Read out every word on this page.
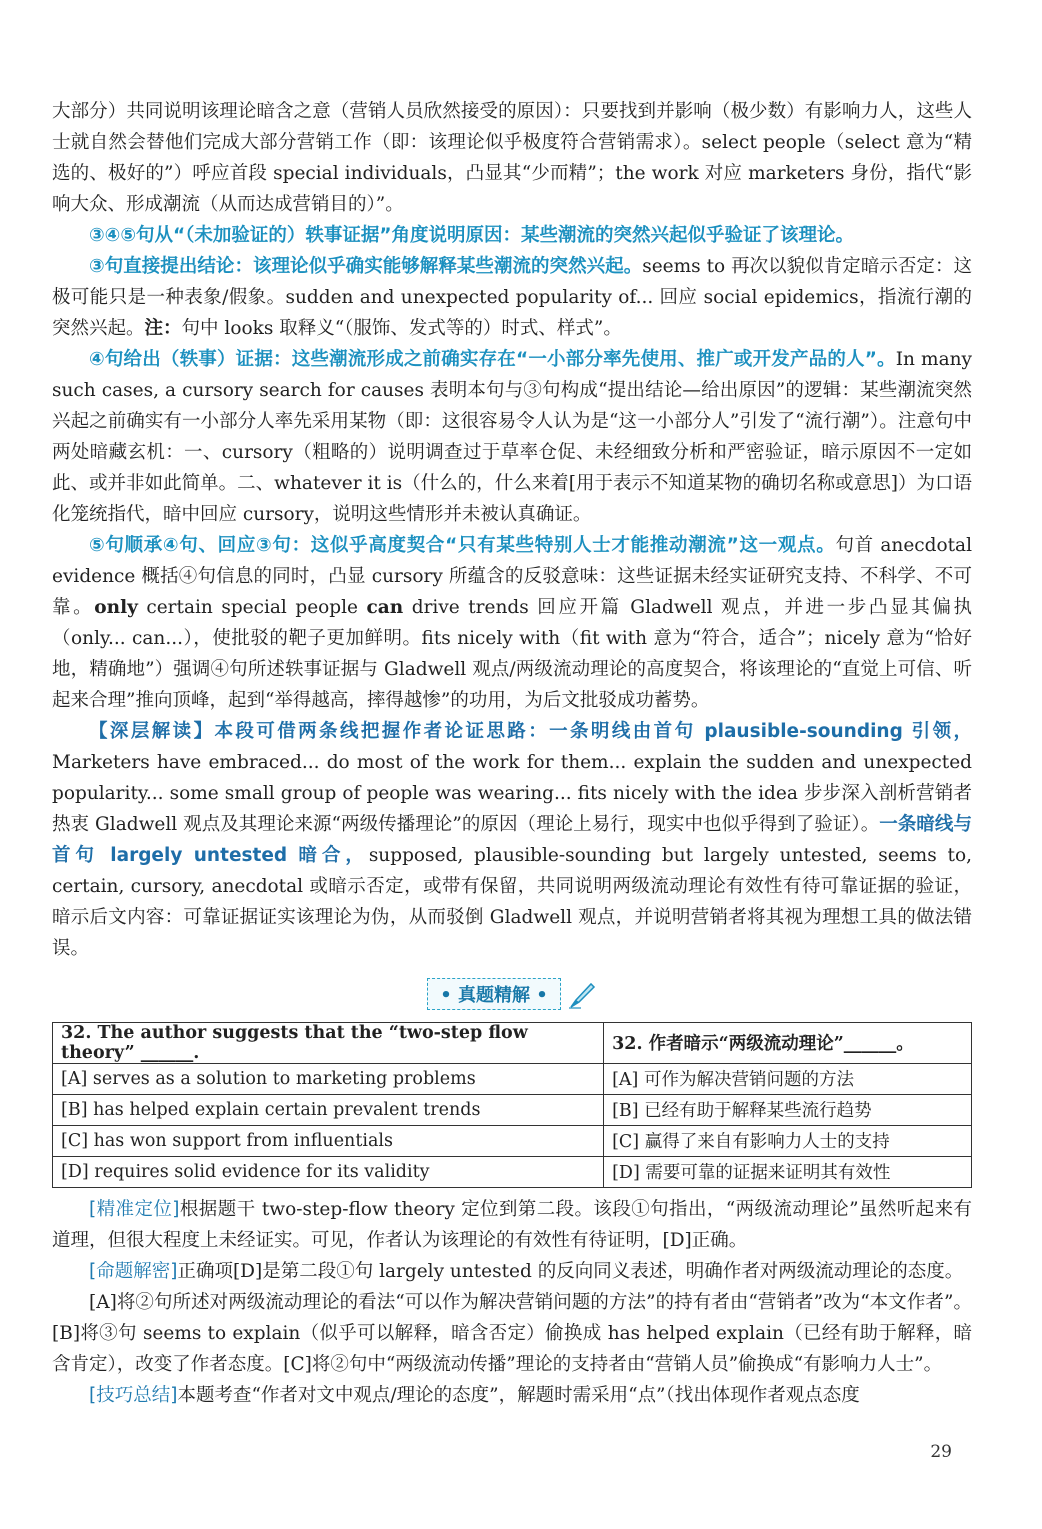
大部分）共同说明该理论暗含之意（营销人员欣然接受的原因）：只要找到并影响（极少数）有影响力人，这些人士就自然会替他们完成大部分营销工作（即：该理论似乎极度符合营销需求）。select people（select 意为“精选的、极好的”）呼应首段 special individuals，凸显其“少而精”；the work 对应 marketers 身份，指代“影响大众、形成潮流（从而达成营销目的）”。

③④⑤句从“（未加验证的）轶事证据”角度说明原因：某些潮流的突然兴起似乎验证了该理论。

③句直接提出结论：该理论似乎确实能够解释某些潮流的突然兴起。seems to 再次以貌似肯定暗示否定：这极可能只是一种表象/假象。sudden and unexpected popularity of... 回应 social epidemics，指流行潮的突然兴起。注：句中 looks 取释义“（服饰、发式等的）时式、样式”。

④句给出（轶事）证据：这些潮流形成之前确实存在“一小部分率先使用、推广或开发产品的人”。In many such cases, a cursory search for causes 表明本句与③句构成“提出结论—给出原因”的逻辑：某些潮流突然兴起之前确实有一小部分人率先采用某物（即：这很容易令人认为是“这一小部分人”引发了“流行潮”）。注意句中两处暗藏玄机：一、cursory（粗略的）说明调查过于草率仓促、未经细致分析和严密验证，暗示原因不一定如此、或并非如此简单。二、whatever it is（什么的，什么来着[用于表示不知道某物的确切名称或意思]）为口语化笼统指代，暗中回应 cursory，说明这些情形并未被认真确证。

⑤句顺承④句、回应③句：这似乎高度契合“只有某些特别人士才能推动潮流”这一观点。句首 anecdotal evidence 概括④句信息的同时，凸显 cursory 所蕴含的反驳意味：这些证据未经实证研究支持、不科学、不可靠。only certain special people can drive trends 回应开篇 Gladwell 观点，并进一步凸显其偏执（only... can...），使批驳的靶子更加鲜明。fits nicely with（fit with 意为“符合，适合”；nicely 意为“恰好地，精确地”）强调④句所述轶事证据与 Gladwell 观点/两级流动理论的高度契合，将该理论的“直觉上可信、听起来合理”推向顶峰，起到“举得越高，摔得越惨”的功用，为后文批驳成功蓄势。

【深层解读】本段可借两条线把握作者论证思路：一条明线由首句 plausible-sounding 引领，Marketers have embraced... do most of the work for them... explain the sudden and unexpected popularity... some small group of people was wearing... fits nicely with the idea 步步深入剖析营销者热衷 Gladwell 观点及其理论来源“两级传播理论”的原因（理论上易行，现实中也似乎得到了验证）。一条暗线与首句 largely untested 暗合，supposed, plausible-sounding but largely untested, seems to, certain, cursory, anecdotal 或暗示否定，或带有保留，共同说明两级流动理论有效性有待可靠证据的验证，暗示后文内容：可靠证据证实该理论为伪，从而驳倒 Gladwell 观点，并说明营销者将其视为理想工具的做法错误。

• 真题精解 •
32. The author suggests that the “two-step flow theory” ______.	32. 作者暗示“两级流动理论”______。
[A] serves as a solution to marketing problems	[A] 可作为解决营销问题的方法
[B] has helped explain certain prevalent trends	[B] 已经有助于解释某些流行趋势
[C] has won support from influentials	[C] 赢得了来自有影响力人士的支持
[D] requires solid evidence for its validity	[D] 需要可靠的证据来证明其有效性

[精准定位]根据题干 two-step-flow theory 定位到第二段。该段①句指出，“两级流动理论”虽然听起来有道理，但很大程度上未经证实。可见，作者认为该理论的有效性有待证明，[D]正确。

[命题解密]正确项[D]是第二段①句 largely untested 的反向同义表述，明确作者对两级流动理论的态度。

[A]将②句所述对两级流动理论的看法“可以作为解决营销问题的方法”的持有者由“营销者”改为“本文作者”。[B]将③句 seems to explain（似乎可以解释，暗含否定）偷换成 has helped explain（已经有助于解释，暗含肯定），改变了作者态度。[C]将②句中“两级流动传播”理论的支持者由“营销人员”偷换成“有影响力人士”。

[技巧总结]本题考查“作者对文中观点/理论的态度”，解题时需采用“点”（找出体现作者观点态度

29
